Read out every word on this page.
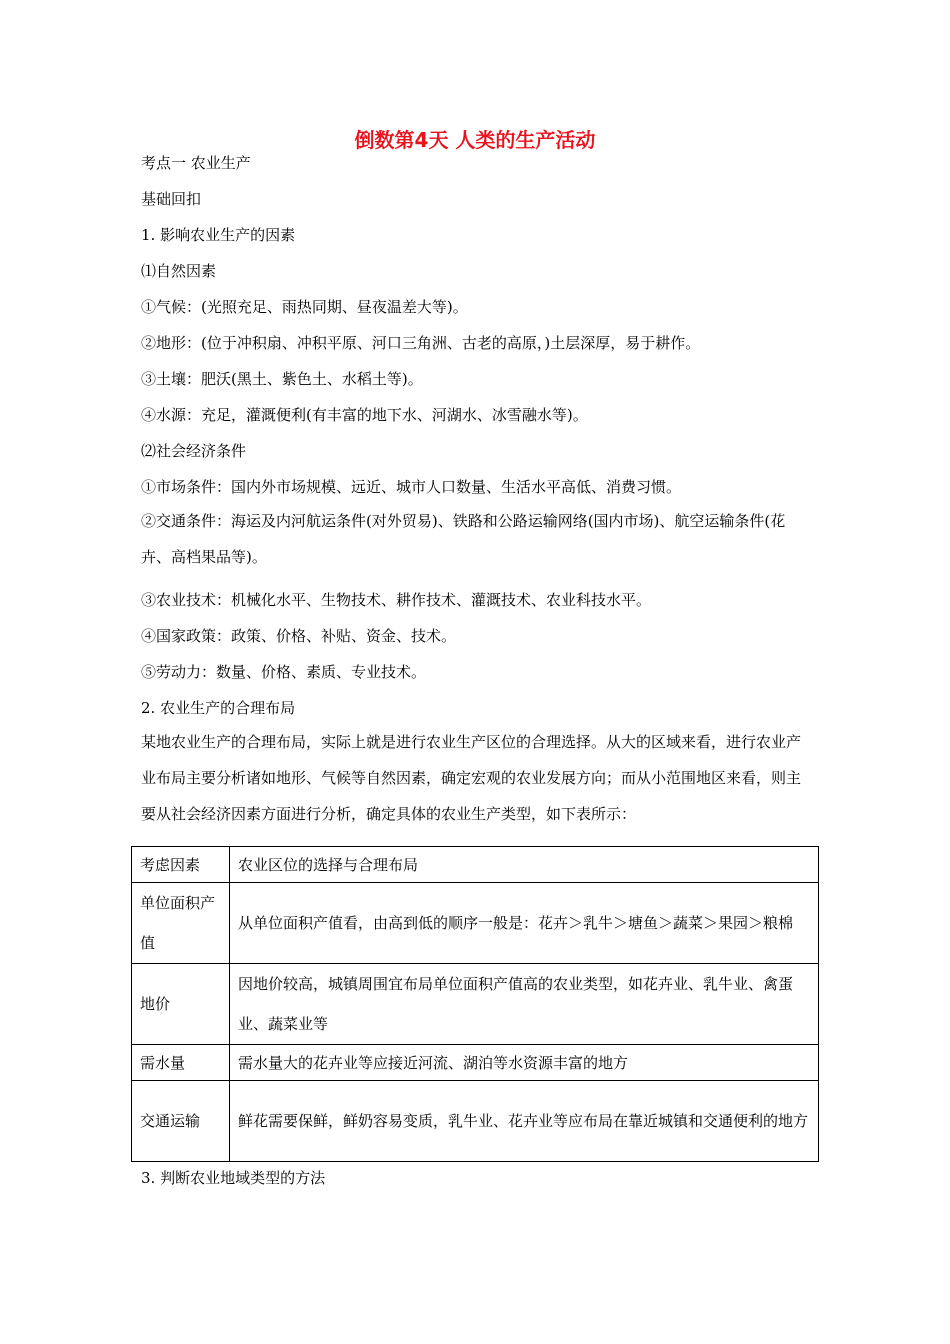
倒数第4天 人类的生产活动
考点一 农业生产
基础回扣
1. 影响农业生产的因素
⑴自然因素
①气候：(光照充足、雨热同期、昼夜温差大等)。
②地形：(位于冲积扇、冲积平原、河口三角洲、古老的高原，)土层深厚，易于耕作。
③土壤：肥沃(黑土、紫色土、水稻土等)。
④水源：充足，灌溉便利(有丰富的地下水、河湖水、冰雪融水等)。
⑵社会经济条件
①市场条件：国内外市场规模、远近、城市人口数量、生活水平高低、消费习惯。
②交通条件：海运及内河航运条件(对外贸易)、铁路和公路运输网络(国内市场)、航空运输条件(花卉、高档果品等)。
③农业技术：机械化水平、生物技术、耕作技术、灌溉技术、农业科技水平。
④国家政策：政策、价格、补贴、资金、技术。
⑤劳动力：数量、价格、素质、专业技术。
2. 农业生产的合理布局
某地农业生产的合理布局，实际上就是进行农业生产区位的合理选择。从大的区域来看，进行农业产业布局主要分析诸如地形、气候等自然因素，确定宏观的农业发展方向；而从小范围地区来看，则主要从社会经济因素方面进行分析，确定具体的农业生产类型，如下表所示：
考虑因素	农业区位的选择与合理布局
单位面积产值	从单位面积产值看，由高到低的顺序一般是：花卉＞乳牛＞塘鱼＞蔬菜＞果园＞粮棉
地价	因地价较高，城镇周围宜布局单位面积产值高的农业类型，如花卉业、乳牛业、禽蛋业、蔬菜业等
需水量	需水量大的花卉业等应接近河流、湖泊等水资源丰富的地方
交通运输	鲜花需要保鲜，鲜奶容易变质，乳牛业、花卉业等应布局在靠近城镇和交通便利的地方
3. 判断农业地域类型的方法
